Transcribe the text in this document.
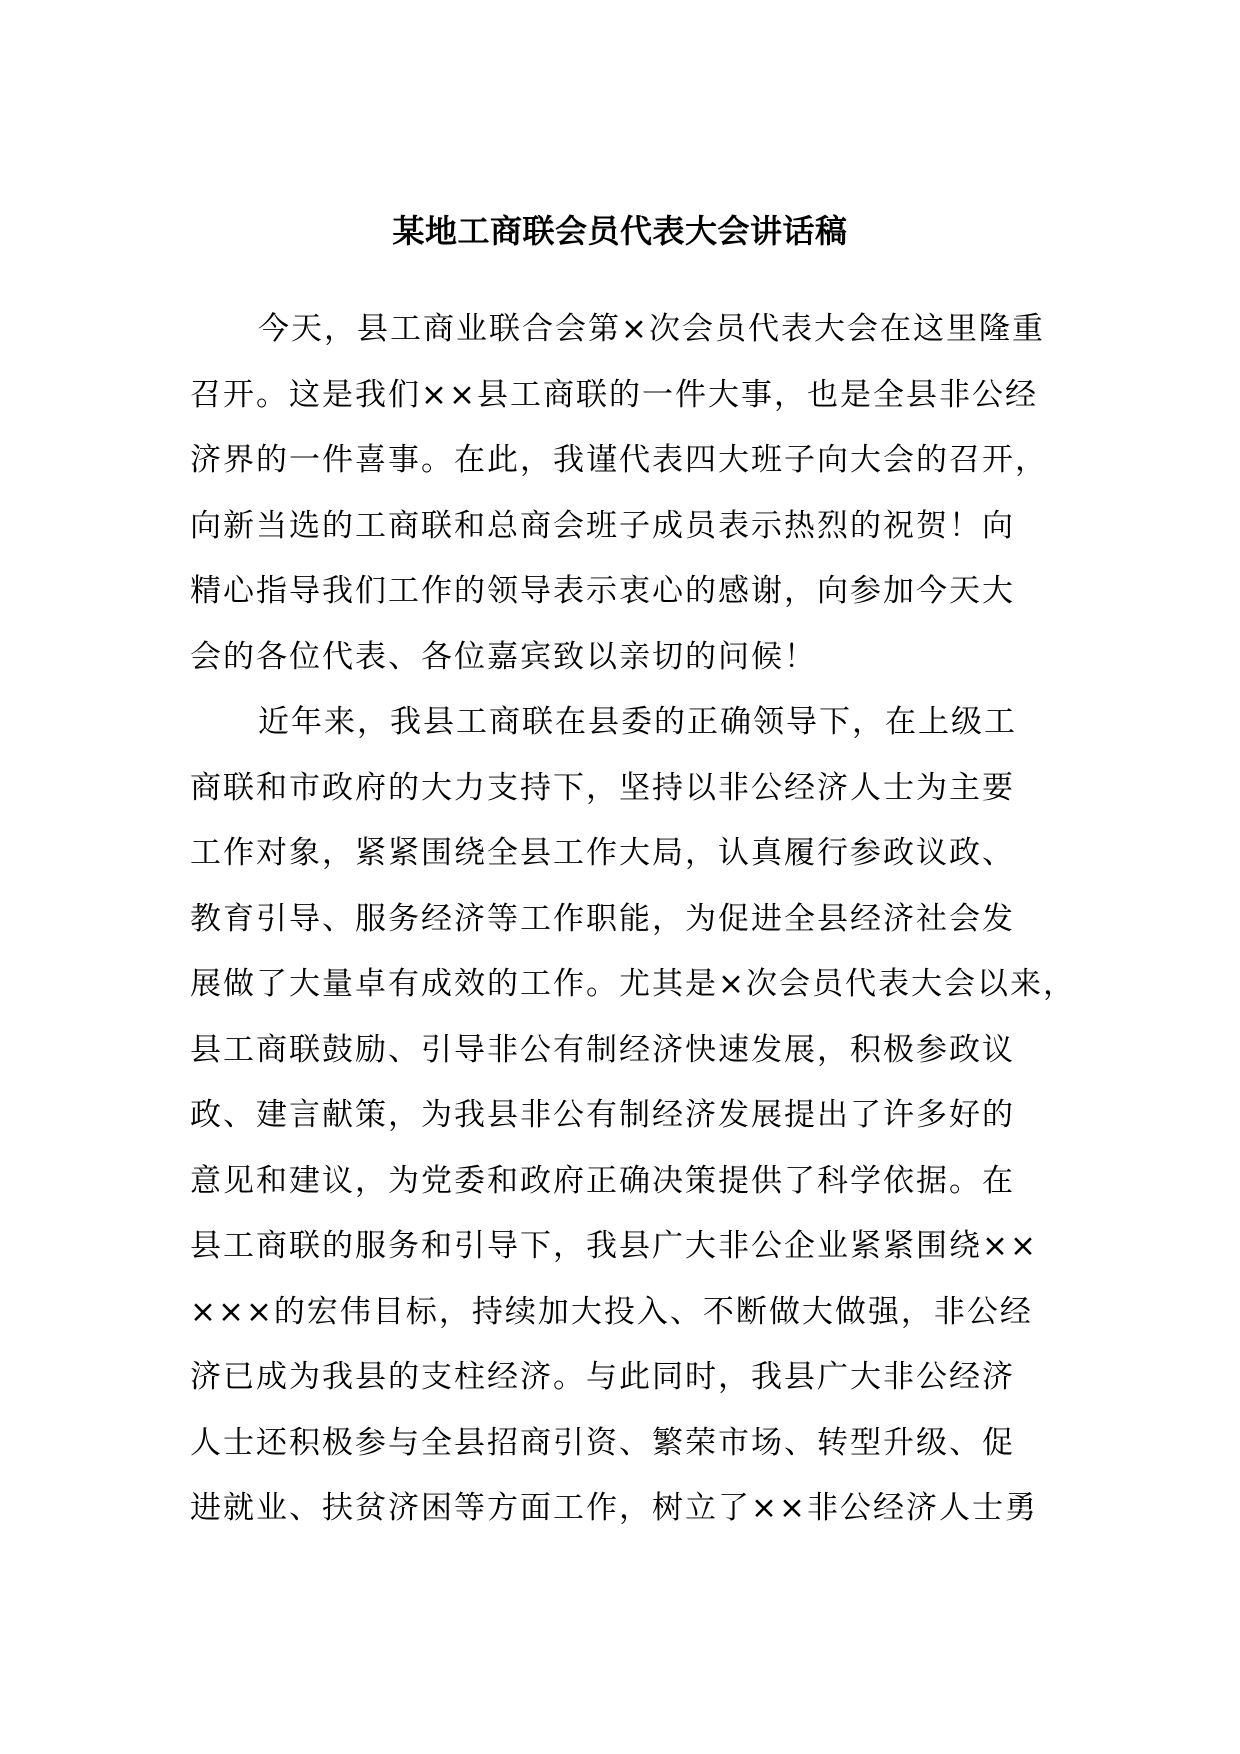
某地工商联会员代表大会讲话稿
今天，县工商业联合会第×次会员代表大会在这里隆重
召开。这是我们××县工商联的一件大事，也是全县非公经
济界的一件喜事。在此，我谨代表四大班子向大会的召开，
向新当选的工商联和总商会班子成员表示热烈的祝贺！向
精心指导我们工作的领导表示衷心的感谢，向参加今天大
会的各位代表、各位嘉宾致以亲切的问候！
近年来，我县工商联在县委的正确领导下，在上级工
商联和市政府的大力支持下，坚持以非公经济人士为主要
工作对象，紧紧围绕全县工作大局，认真履行参政议政、
教育引导、服务经济等工作职能，为促进全县经济社会发
展做了大量卓有成效的工作。尤其是×次会员代表大会以来，
县工商联鼓励、引导非公有制经济快速发展，积极参政议
政、建言献策，为我县非公有制经济发展提出了许多好的
意见和建议，为党委和政府正确决策提供了科学依据。在
县工商联的服务和引导下，我县广大非公企业紧紧围绕××
×××的宏伟目标，持续加大投入、不断做大做强，非公经
济已成为我县的支柱经济。与此同时，我县广大非公经济
人士还积极参与全县招商引资、繁荣市场、转型升级、促
进就业、扶贫济困等方面工作，树立了××非公经济人士勇
